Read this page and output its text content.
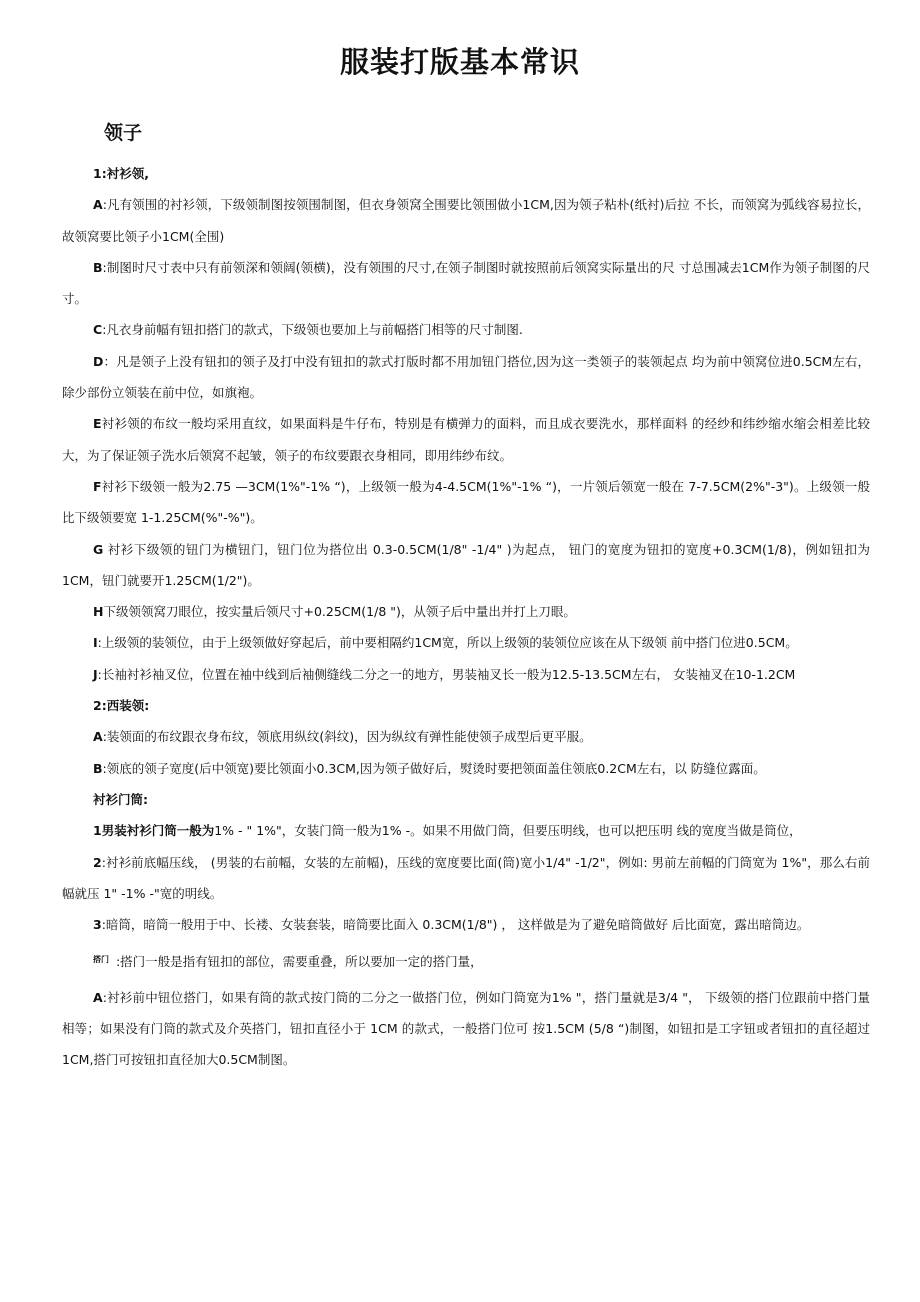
服装打版基本常识
领子

1:衬衫领,

A:凡有领围的衬衫领，下级领制图按领围制图，但衣身领窝全围要比领围做小1CM,因为领子粘朴(纸衬)后拉 不长，而领窝为弧线容易拉长，故领窝要比领子小1CM(全围)

B:制图时尺寸表中只有前领深和领阔(领横)，没有领围的尺寸,在领子制图时就按照前后领窝实际量出的尺 寸总围减去1CM作为领子制图的尺寸。

C:凡衣身前幅有钮扣搭门的款式，下级领也要加上与前幅搭门相等的尺寸制图.

D：凡是领子上没有钮扣的领子及打中没有钮扣的款式打版时都不用加钮门搭位,因为这一类领子的装领起点 均为前中领窝位进0.5CM左右，除少部份立领装在前中位，如旗袍。

E衬衫领的布纹一般均采用直纹，如果面料是牛仔布，特别是有横弹力的面料，而且成衣要洗水，那样面料 的经纱和纬纱缩水缩会相差比较大，为了保证领子洗水后领窝不起皱，领子的布纹要跟衣身相同，即用纬纱布纹。

F衬衫下级领一般为2.75 —3CM(1%"-1% “)，上级领一般为4-4.5CM(1%"-1% “)，一片领后领宽一般在 7-7.5CM(2%"-3")。上级领一般比下级领要宽 1-1.25CM(%"-%")。

G 衬衫下级领的钮门为横钮门，钮门位为搭位出 0.3-0.5CM(1/8" -1/4" )为起点， 钮门的宽度为钮扣的宽度+0.3CM(1/8)，例如钮扣为1CM，钮门就要开1.25CM(1/2")。

H下级领领窝刀眼位，按实量后领尺寸+0.25CM(1/8 ")，从领子后中量出并打上刀眼。

I:上级领的装领位，由于上级领做好穿起后，前中要相隔约1CM宽，所以上级领的装领位应该在从下级领 前中搭门位进0.5CM。

J:长袖衬衫袖叉位，位置在袖中线到后袖侧缝线二分之一的地方，男装袖叉长一般为12.5-13.5CM左右， 女装袖叉在10-1.2CM

2:西装领:

A:装领面的布纹跟衣身布纹，领底用纵纹(斜纹)，因为纵纹有弹性能使领子成型后更平服。

B:领底的领子宽度(后中领宽)要比领面小0.3CM,因为领子做好后，熨烫时要把领面盖住领底0.2CM左右，以 防缝位露面。

衬衫门筒:

1男装衬衫门筒一般为1% - " 1%"，女装门筒一般为1% -。如果不用做门筒，但要压明线，也可以把压明 线的宽度当做是筒位，

2:衬衫前底幅压线， (男装的右前幅，女装的左前幅)，压线的宽度要比面(筒)宽小1/4" -1/2"，例如: 男前左前幅的门筒宽为 1%"，那么右前幅就压 1" -1% -"宽的明线。

3:暗筒，暗筒一般用于中、长褛、女装套装，暗筒要比面入 0.3CM(1/8") ， 这样做是为了避免暗筒做好 后比面宽，露出暗筒边。

$^{搭门}$ :搭门一般是指有钮扣的部位，需要重叠，所以要加一定的搭门量，

A:衬衫前中钮位搭门，如果有筒的款式按门筒的二分之一做搭门位，例如门筒宽为1% "，搭门量就是3/4 "， 下级领的搭门位跟前中搭门量相等；如果没有门筒的款式及介英搭门，钮扣直径小于 1CM 的款式，一般搭门位可 按1.5CM (5/8 “)制图，如钮扣是工字钮或者钮扣的直径超过1CM,搭门可按钮扣直径加大0.5CM制图。
